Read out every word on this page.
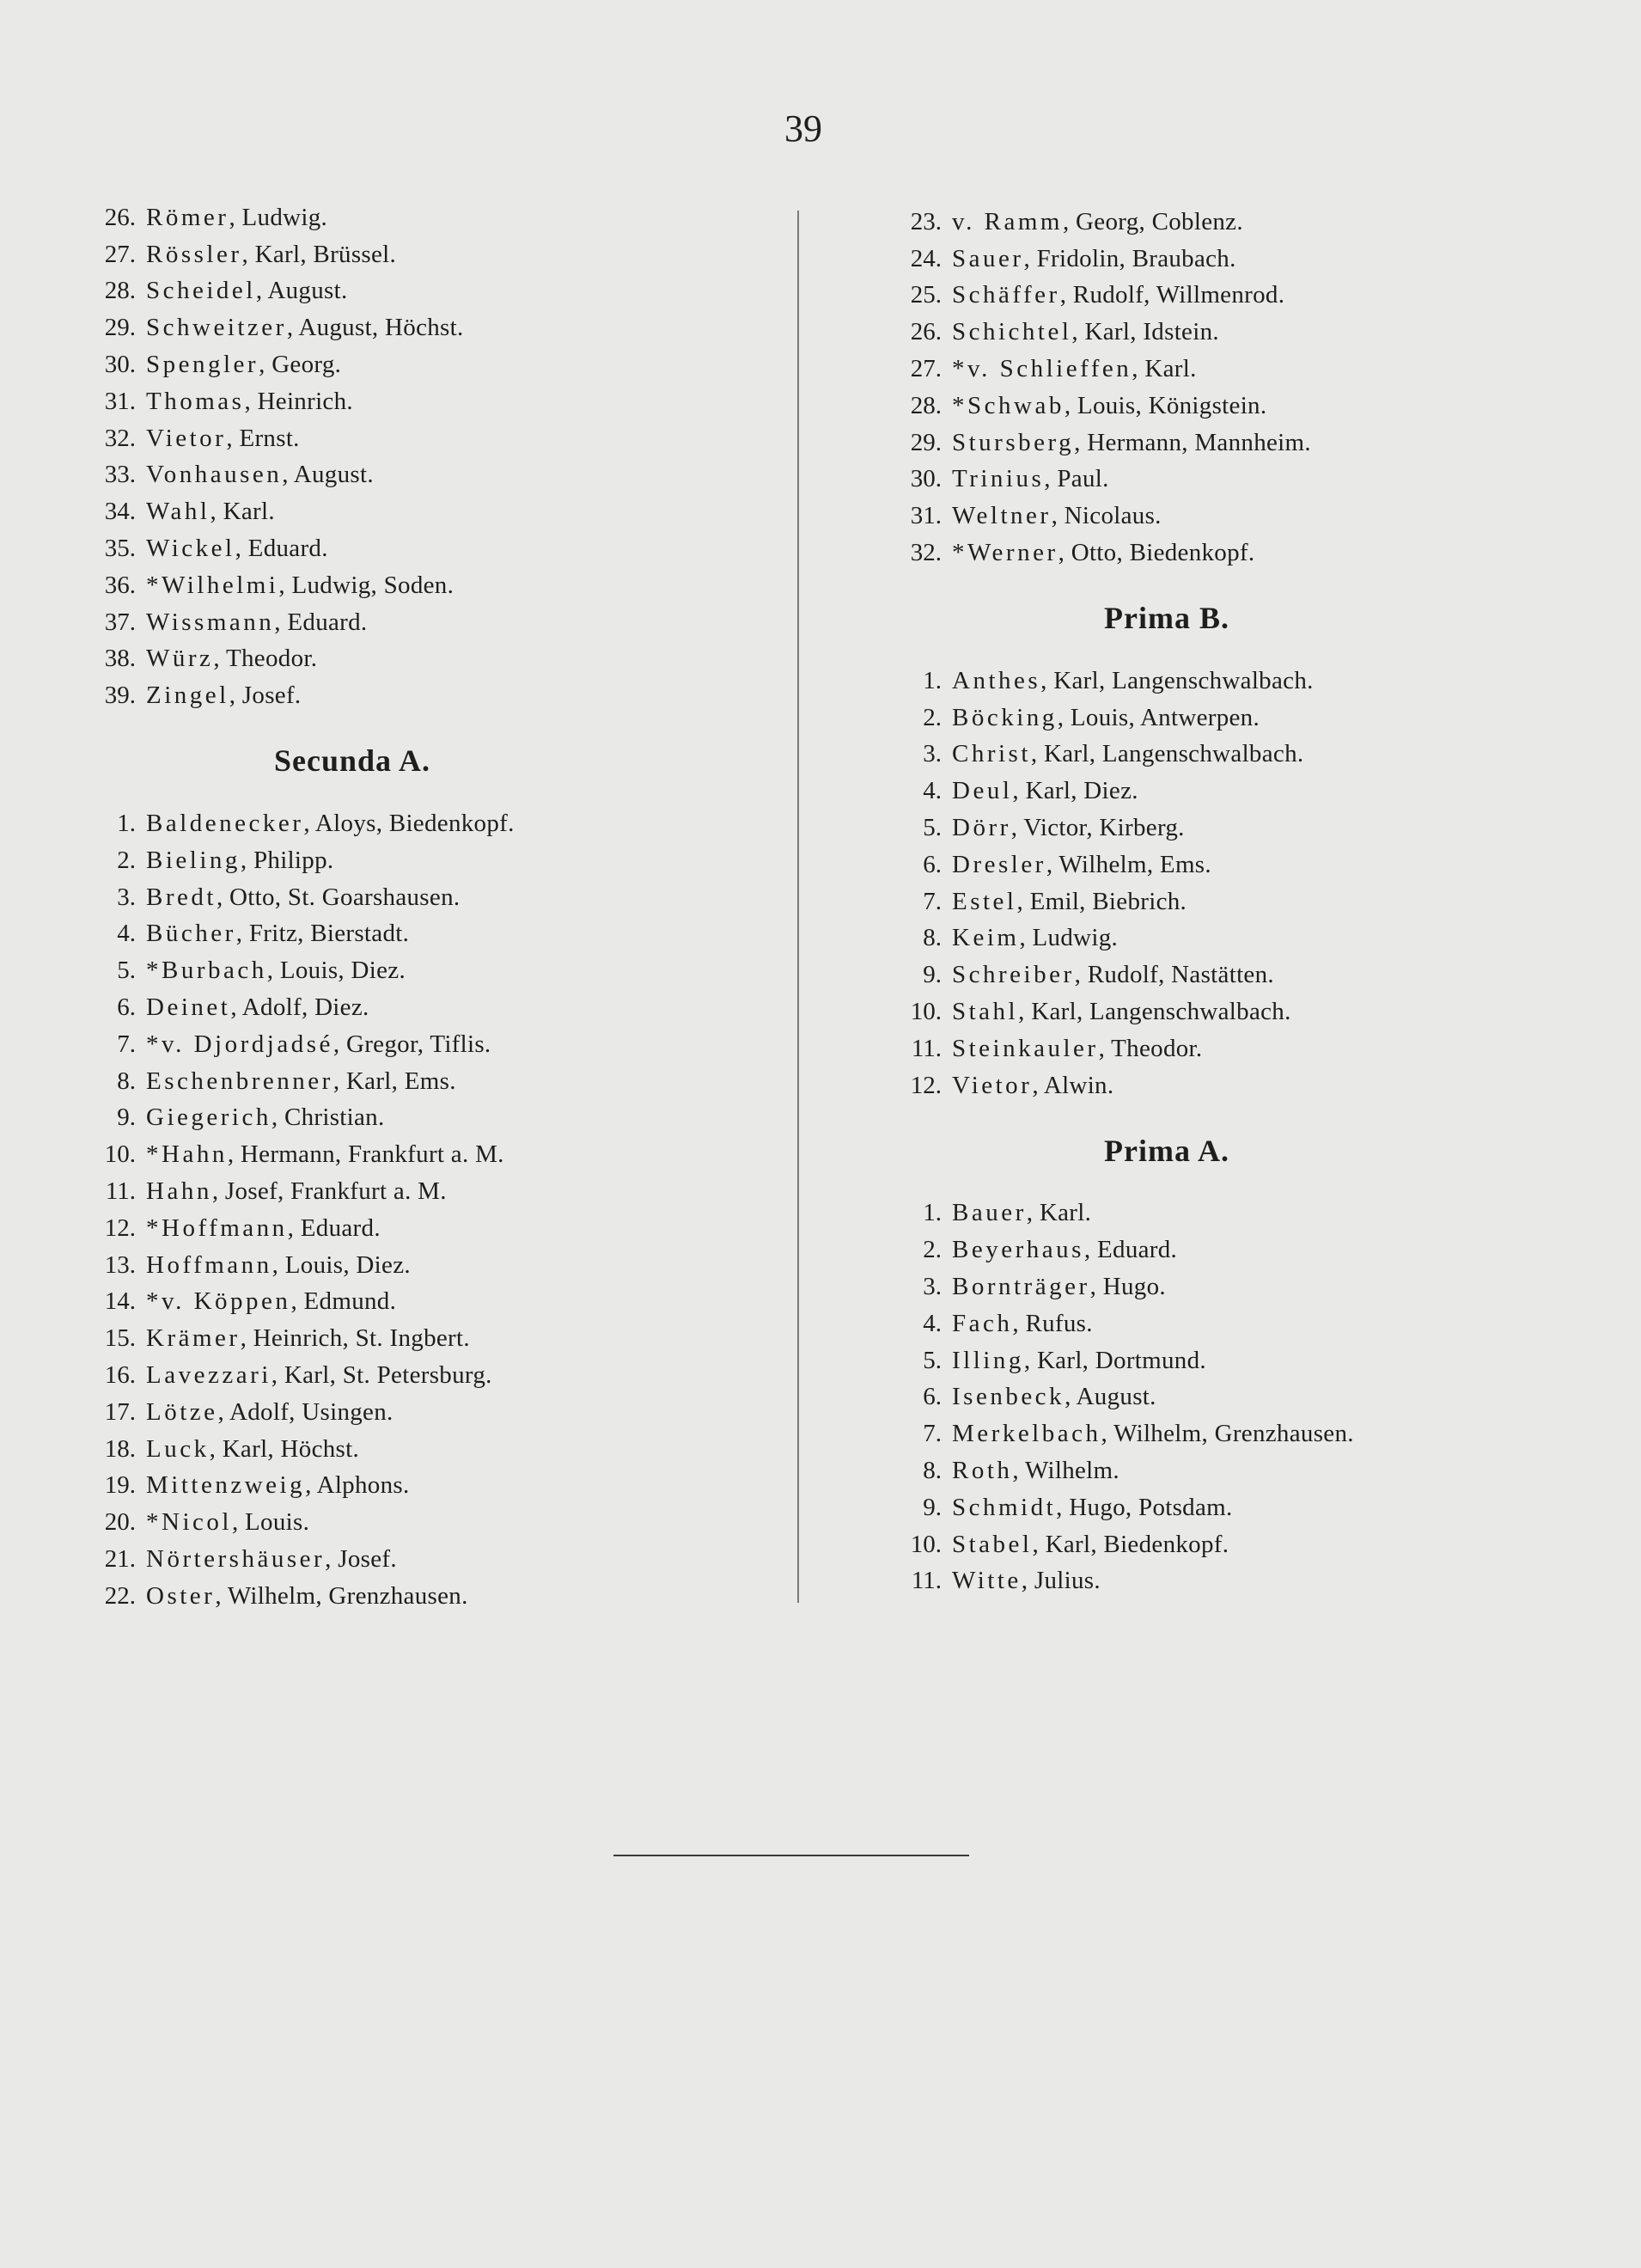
39
26. Römer , Ludwig.
27. Rössler , Karl, Brüssel.
28. Scheidel , August.
29. Schweitzer , August, Höchst.
30. Spengler , Georg.
31. Thomas , Heinrich.
32. Vietor , Ernst.
33. Vonhausen , August.
34. Wahl , Karl.
35. Wickel , Eduard.
36. *Wilhelmi , Ludwig, Soden.
37. Wissmann , Eduard.
38. Würz , Theodor.
39. Zingel , Josef.
Secunda A.
1. Baldenecker , Aloys, Biedenkopf.
2. Bieling , Philipp.
3. Bredt , Otto, St. Goarshausen.
4. Bücher , Fritz, Bierstadt.
5. *Burbach , Louis, Diez.
6. Deinet , Adolf, Diez.
7. *v. Djordjadsé , Gregor, Tiflis.
8. Eschenbrenner , Karl, Ems.
9. Giegerich , Christian.
10. *Hahn , Hermann, Frankfurt a. M.
11. Hahn , Josef, Frankfurt a. M.
12. *Hoffmann , Eduard.
13. Hoffmann , Louis, Diez.
14. *v. Köppen , Edmund.
15. Krämer , Heinrich, St. Ingbert.
16. Lavezzari , Karl, St. Petersburg.
17. Lötze , Adolf, Usingen.
18. Luck , Karl, Höchst.
19. Mittenzweig , Alphons.
20. *Nicol , Louis.
21. Nörtershäuser , Josef.
22. Oster , Wilhelm, Grenzhausen.
23. v. Ramm , Georg, Coblenz.
24. Sauer , Fridolin, Braubach.
25. Schäffer , Rudolf, Willmenrod.
26. Schichtel , Karl, Idstein.
27. *v. Schlieffen , Karl.
28. *Schwab , Louis, Königstein.
29. Stursberg , Hermann, Mannheim.
30. Trinius , Paul.
31. Weltner , Nicolaus.
32. *Werner , Otto, Biedenkopf.
Prima B.
1. Anthes , Karl, Langenschwalbach.
2. Böcking , Louis, Antwerpen.
3. Christ , Karl, Langenschwalbach.
4. Deul , Karl, Diez.
5. Dörr , Victor, Kirberg.
6. Dresler , Wilhelm, Ems.
7. Estel , Emil, Biebrich.
8. Keim , Ludwig.
9. Schreiber , Rudolf, Nastätten.
10. Stahl , Karl, Langenschwalbach.
11. Steinkauler , Theodor.
12. Vietor , Alwin.
Prima A.
1. Bauer , Karl.
2. Beyerhaus , Eduard.
3. Bornträger , Hugo.
4. Fach , Rufus.
5. Illing , Karl, Dortmund.
6. Isenbeck , August.
7. Merkelbach , Wilhelm, Grenzhausen.
8. Roth , Wilhelm.
9. Schmidt , Hugo, Potsdam.
10. Stabel , Karl, Biedenkopf.
11. Witte , Julius.
